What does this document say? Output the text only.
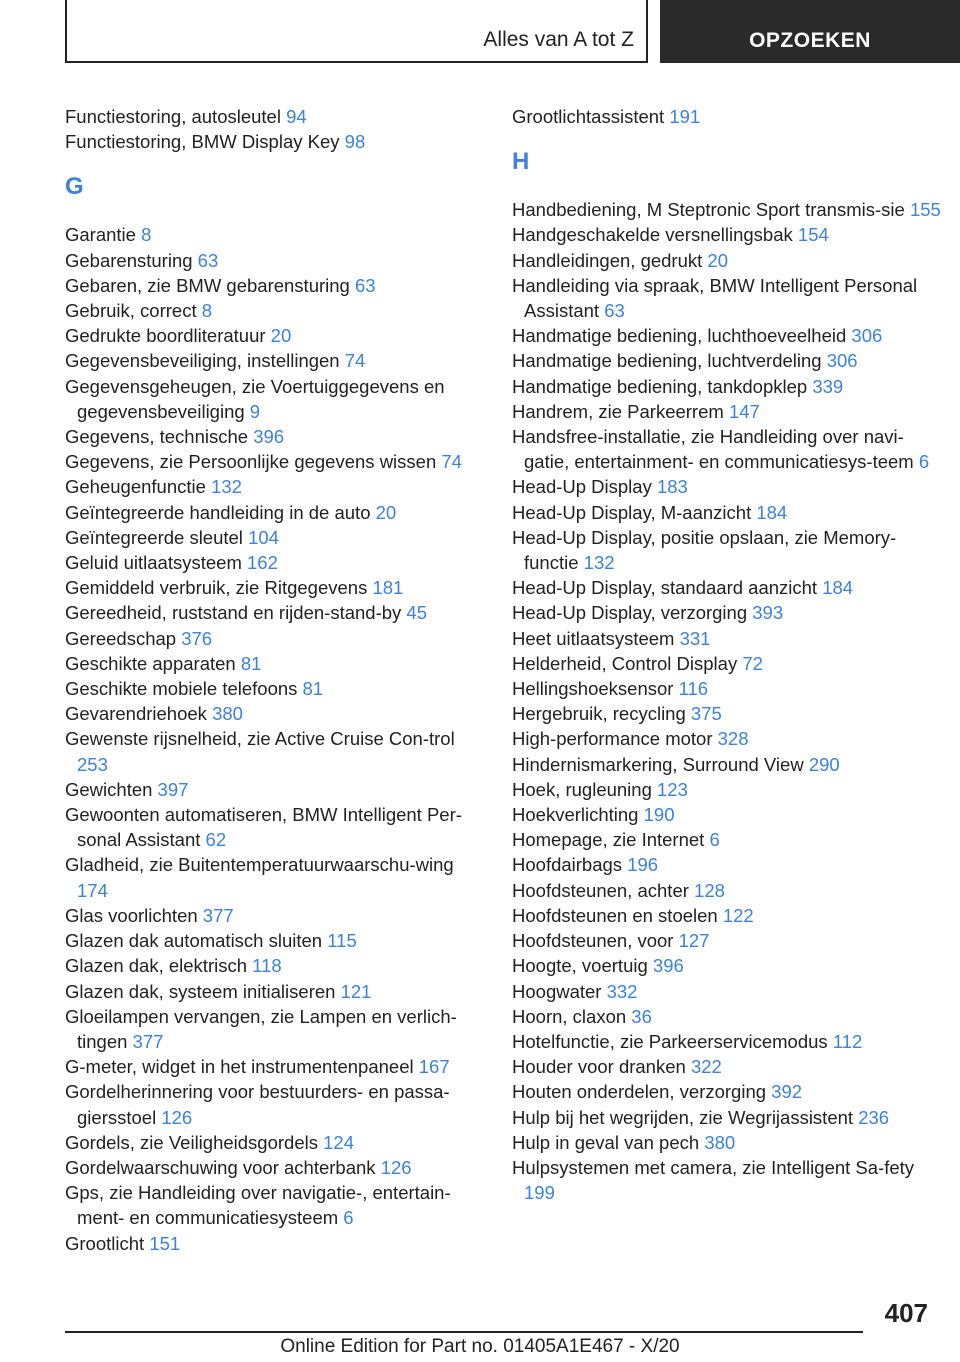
Alles van A tot Z	OPZOEKEN

Functiestoring, autosleutel 94

Functiestoring, BMW Display Key 98

G

Garantie 8

Gebarensturing 63

Gebaren, zie BMW gebarensturing 63

Gebruik, correct 8

Gedrukte boordliteratuur 20

Gegevensbeveiliging, instellingen 74

Gegevensgeheugen, zie Voertuiggegevens en gegevensbeveiliging 9

Gegevens, technische 396

Gegevens, zie Persoonlijke gegevens wissen 74

Geheugenfunctie 132

Geïntegreerde handleiding in de auto 20

Geïntegreerde sleutel 104

Geluid uitlaatsysteem 162

Gemiddeld verbruik, zie Ritgegevens 181

Gereedheid, ruststand en rijden-stand-by 45

Gereedschap 376

Geschikte apparaten 81

Geschikte mobiele telefoons 81

Gevarendriehoek 380

Gewenste rijsnelheid, zie Active Cruise Con-trol 253

Gewichten 397

Gewoonten automatiseren, BMW Intelligent Per-sonal Assistant 62

Gladheid, zie Buitentemperatuurwaarschu-wing 174

Glas voorlichten 377

Glazen dak automatisch sluiten 115

Glazen dak, elektrisch 118

Glazen dak, systeem initialiseren 121

Gloeilampen vervangen, zie Lampen en verlich-tingen 377

G-meter, widget in het instrumentenpaneel 167

Gordelherinnering voor bestuurders- en passa-giersstoel 126

Gordels, zie Veiligheidsgordels 124

Gordelwaarschuwing voor achterbank 126

Gps, zie Handleiding over navigatie-, entertain-ment- en communicatiesysteem 6

Grootlicht 151

Grootlichtassistent 191

H

Handbediening, M Steptronic Sport transmis-sie 155

Handgeschakelde versnellingsbak 154

Handleidingen, gedrukt 20

Handleiding via spraak, BMW Intelligent Personal Assistant 63

Handmatige bediening, luchthoeveelheid 306

Handmatige bediening, luchtverdeling 306

Handmatige bediening, tankdopklep 339

Handrem, zie Parkeerrem 147

Handsfree-installatie, zie Handleiding over navi-gatie, entertainment- en communicatiesys-teem 6

Head-Up Display 183

Head-Up Display, M-aanzicht 184

Head-Up Display, positie opslaan, zie Memory-functie 132

Head-Up Display, standaard aanzicht 184

Head-Up Display, verzorging 393

Heet uitlaatsysteem 331

Helderheid, Control Display 72

Hellingshoeksensor 116

Hergebruik, recycling 375

High-performance motor 328

Hindernismarkering, Surround View 290

Hoek, rugleuning 123

Hoekverlichting 190

Homepage, zie Internet 6

Hoofdairbags 196

Hoofdsteunen, achter 128

Hoofdsteunen en stoelen 122

Hoofdsteunen, voor 127

Hoogte, voertuig 396

Hoogwater 332

Hoorn, claxon 36

Hotelfunctie, zie Parkeerservicemodus 112

Houder voor dranken 322

Houten onderdelen, verzorging 392

Hulp bij het wegrijden, zie Wegrijassistent 236

Hulp in geval van pech 380

Hulpsystemen met camera, zie Intelligent Sa-fety 199

407
Online Edition for Part no. 01405A1E467 - X/20
